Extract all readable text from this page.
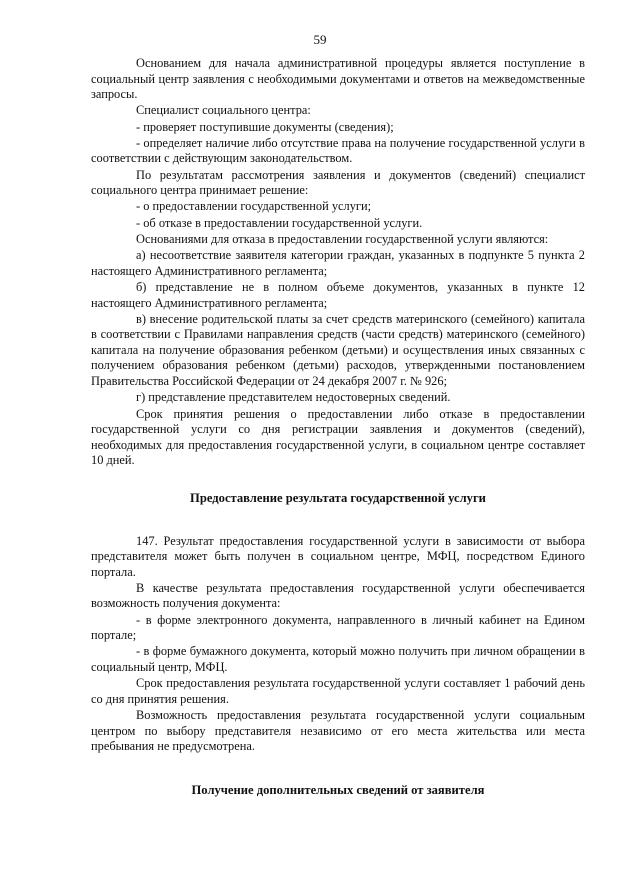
59

Основанием для начала административной процедуры является поступление в социальный центр заявления с необходимыми документами и ответов на межведомственные запросы.

Специалист социального центра:

- проверяет поступившие документы (сведения);

- определяет наличие либо отсутствие права на получение государственной услуги в соответствии с действующим законодательством.

По результатам рассмотрения заявления и документов (сведений) специалист социального центра принимает решение:

- о предоставлении государственной услуги;

- об отказе в предоставлении государственной услуги.

Основаниями для отказа в предоставлении государственной услуги являются:

а) несоответствие заявителя категории граждан, указанных в подпункте 5 пункта 2 настоящего Административного регламента;

б) представление не в полном объеме документов, указанных в пункте 12 настоящего Административного регламента;

в) внесение родительской платы за счет средств материнского (семейного) капитала в соответствии с Правилами направления средств (части средств) материнского (семейного) капитала на получение образования ребенком (детьми) и осуществления иных связанных с получением образования ребенком (детьми) расходов, утвержденными постановлением Правительства Российской Федерации от 24 декабря 2007 г. № 926;

г) представление представителем недостоверных сведений.

Срок принятия решения о предоставлении либо отказе в предоставлении государственной услуги со дня регистрации заявления и документов (сведений), необходимых для предоставления государственной услуги, в социальном центре составляет 10 дней.

Предоставление результата государственной услуги

147. Результат предоставления государственной услуги в зависимости от выбора представителя может быть получен в социальном центре, МФЦ, посредством Единого портала.

В качестве результата предоставления государственной услуги обеспечивается возможность получения документа:

- в форме электронного документа, направленного в личный кабинет на Едином портале;

- в форме бумажного документа, который можно получить при личном обращении в социальный центр, МФЦ.

Срок предоставления результата государственной услуги составляет 1 рабочий день со дня принятия решения.

Возможность предоставления результата государственной услуги социальным центром по выбору представителя независимо от его места жительства или места пребывания не предусмотрена.

Получение дополнительных сведений от заявителя
